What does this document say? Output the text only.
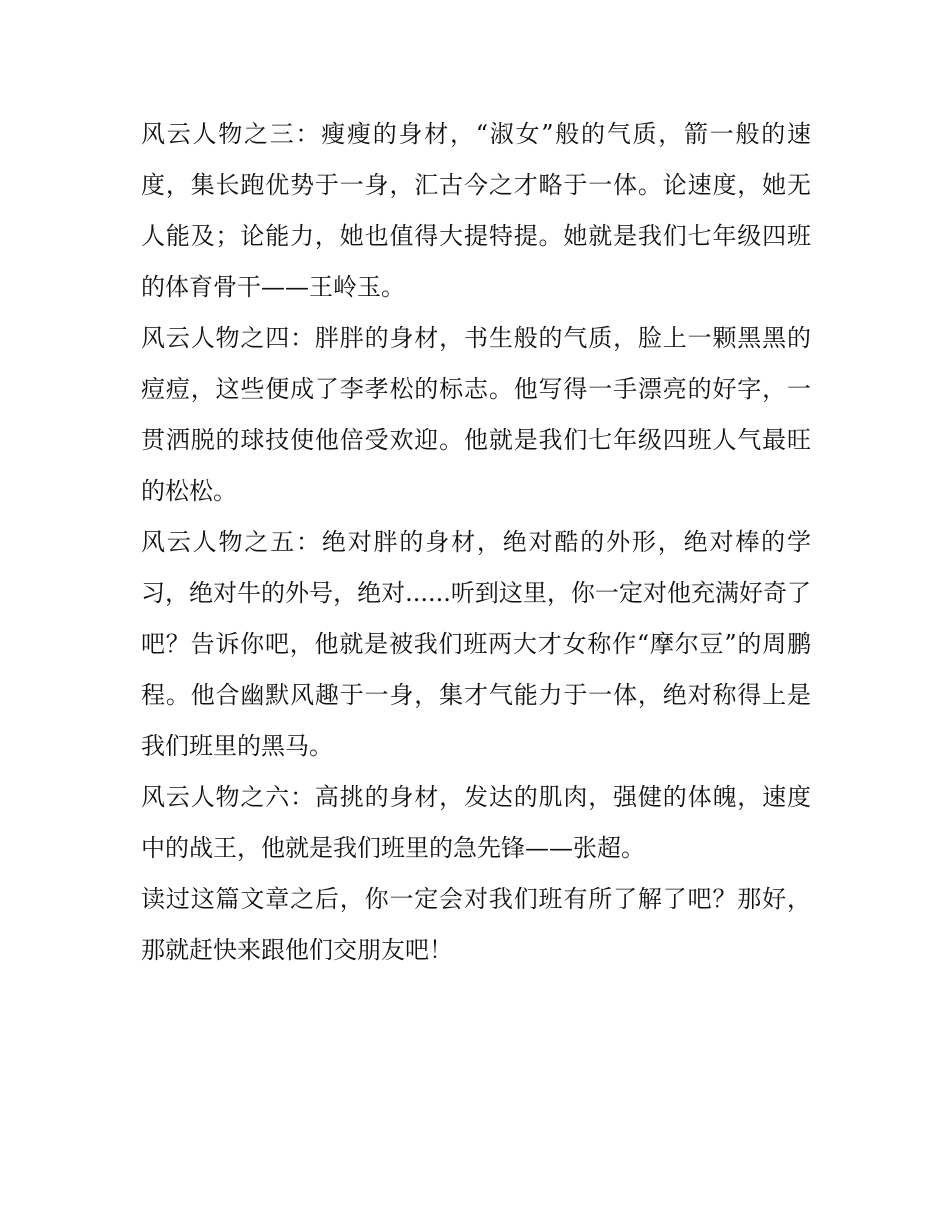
风云人物之三：瘦瘦的身材，“淑女”般的气质，箭一般的速度，集长跑优势于一身，汇古今之才略于一体。论速度，她无人能及；论能力，她也值得大提特提。她就是我们七年级四班的体育骨干——王岭玉。

风云人物之四：胖胖的身材，书生般的气质，脸上一颗黑黑的痘痘，这些便成了李孝松的标志。他写得一手漂亮的好字，一贯洒脱的球技使他倍受欢迎。他就是我们七年级四班人气最旺的松松。

风云人物之五：绝对胖的身材，绝对酷的外形，绝对棒的学习，绝对牛的外号，绝对......听到这里，你一定对他充满好奇了吧？告诉你吧，他就是被我们班两大才女称作“摩尔豆”的周鹏程。他合幽默风趣于一身，集才气能力于一体，绝对称得上是我们班里的黑马。

风云人物之六：高挑的身材，发达的肌肉，强健的体魄，速度中的战王，他就是我们班里的急先锋——张超。

读过这篇文章之后，你一定会对我们班有所了解了吧？那好，那就赶快来跟他们交朋友吧！
